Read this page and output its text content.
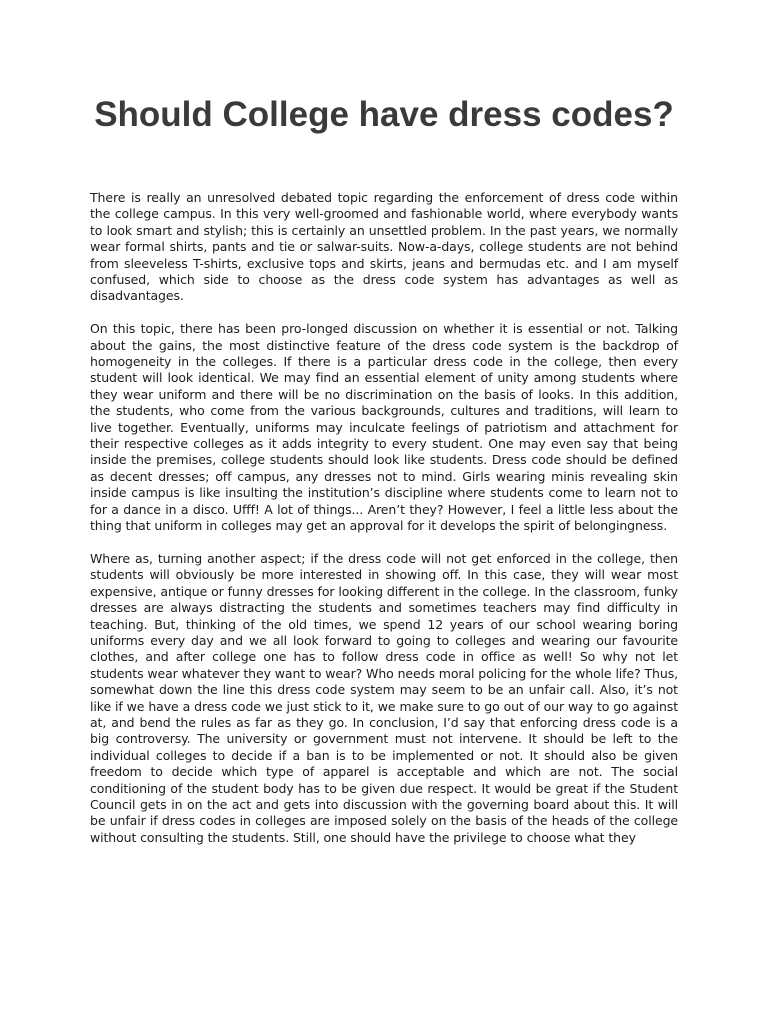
Should College have dress codes?

There is really an unresolved debated topic regarding the enforcement of dress code within the college campus. In this very well-groomed and fashionable world, where everybody wants to look smart and stylish; this is certainly an unsettled problem. In the past years, we normally wear formal shirts, pants and tie or salwar-suits. Now-a-days, college students are not behind from sleeveless T-shirts, exclusive tops and skirts, jeans and bermudas etc. and I am myself confused, which side to choose as the dress code system has advantages as well as disadvantages.

On this topic, there has been pro-longed discussion on whether it is essential or not. Talking about the gains, the most distinctive feature of the dress code system is the backdrop of homogeneity in the colleges. If there is a particular dress code in the college, then every student will look identical. We may find an essential element of unity among students where they wear uniform and there will be no discrimination on the basis of looks. In this addition, the students, who come from the various backgrounds, cultures and traditions, will learn to live together. Eventually, uniforms may inculcate feelings of patriotism and attachment for their respective colleges as it adds integrity to every student. One may even say that being inside the premises, college students should look like students. Dress code should be defined as decent dresses; off campus, any dresses not to mind. Girls wearing minis revealing skin inside campus is like insulting the institution’s discipline where students come to learn not to for a dance in a disco. Ufff! A lot of things... Aren’t they? However, I feel a little less about the thing that uniform in colleges may get an approval for it develops the spirit of belongingness.

Where as, turning another aspect; if the dress code will not get enforced in the college, then students will obviously be more interested in showing off. In this case, they will wear most expensive, antique or funny dresses for looking different in the college. In the classroom, funky dresses are always distracting the students and sometimes teachers may find difficulty in teaching. But, thinking of the old times, we spend 12 years of our school wearing boring uniforms every day and we all look forward to going to colleges and wearing our favourite clothes, and after college one has to follow dress code in office as well! So why not let students wear whatever they want to wear? Who needs moral policing for the whole life? Thus, somewhat down the line this dress code system may seem to be an unfair call. Also, it’s not like if we have a dress code we just stick to it, we make sure to go out of our way to go against at, and bend the rules as far as they go. In conclusion, I’d say that enforcing dress code is a big controversy. The university or government must not intervene. It should be left to the individual colleges to decide if a ban is to be implemented or not. It should also be given freedom to decide which type of apparel is acceptable and which are not. The social conditioning of the student body has to be given due respect. It would be great if the Student Council gets in on the act and gets into discussion with the governing board about this. It will be unfair if dress codes in colleges are imposed solely on the basis of the heads of the college without consulting the students. Still, one should have the privilege to choose what they
